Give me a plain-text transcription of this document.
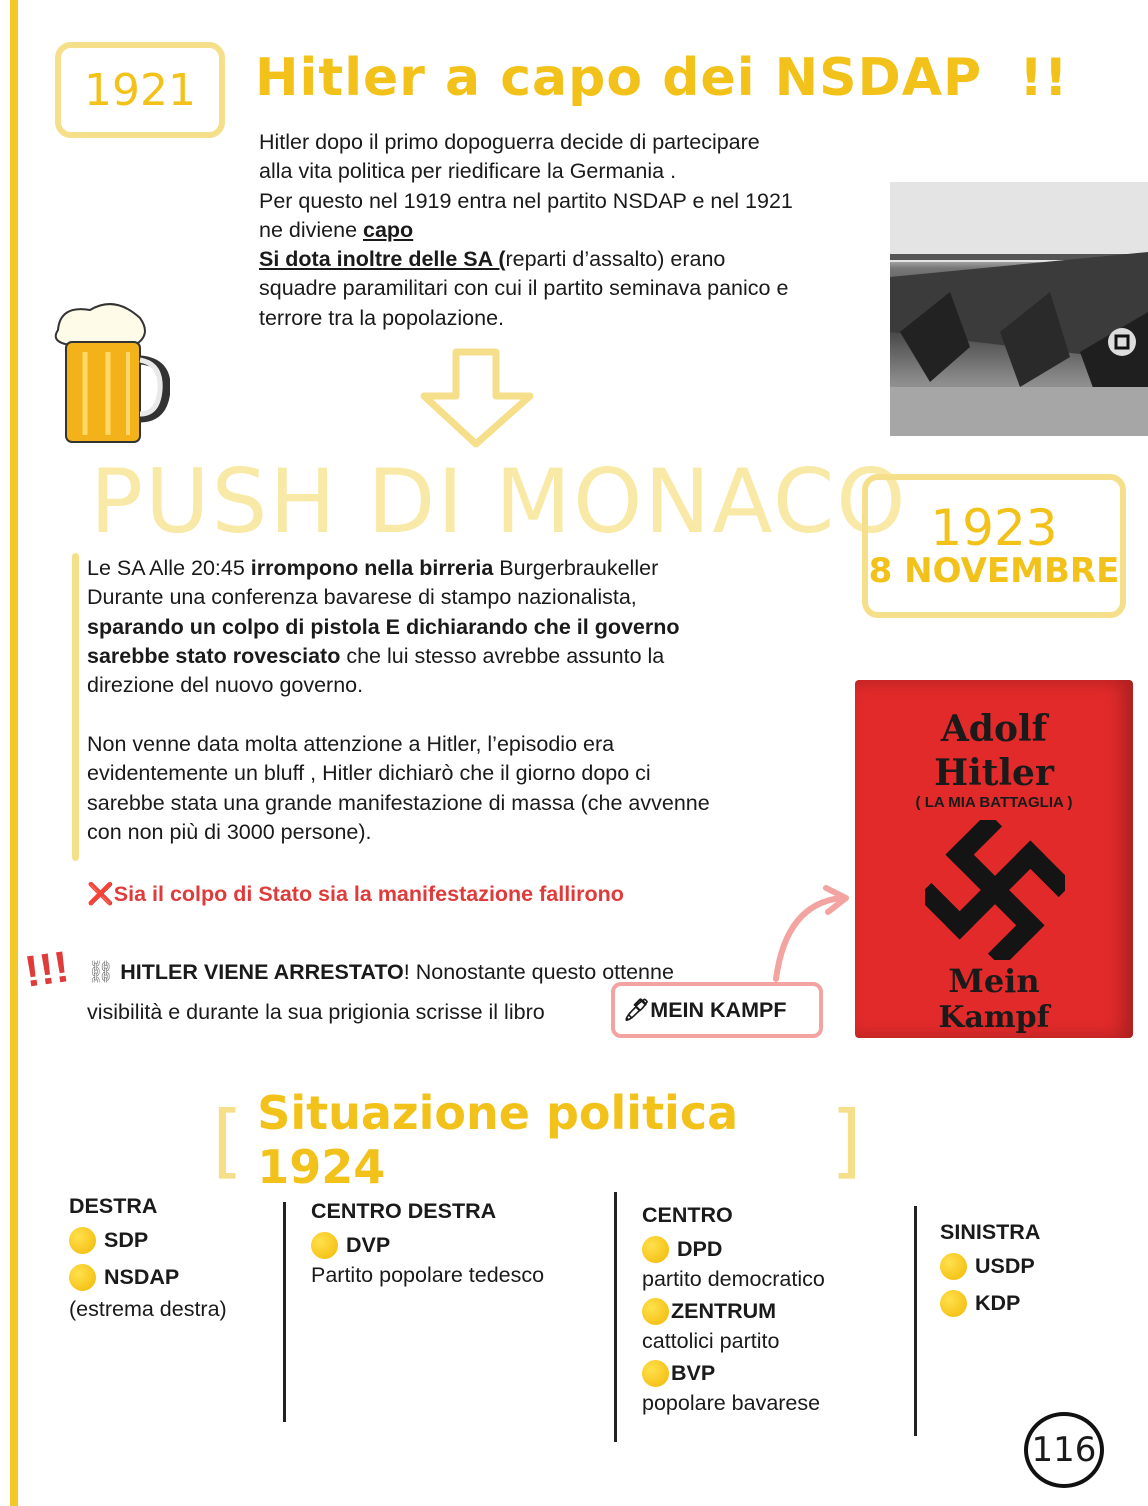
1921 Hitler a capo dei NSDAP !!

Hitler dopo il primo dopoguerra decide di partecipare

alla vita politica per riedificare la Germania .

Per questo nel 1919 entra nel partito NSDAP e nel 1921

ne diviene capo

Si dota inoltre delle SA (reparti d’assalto) erano

squadre paramilitari con cui il partito seminava panico e

terrore tra la popolazione.

PUSH DI MONACO 1923
8 NOVEMBRE

Le SA Alle 20:45 irrompono nella birreria Burgerbraukeller

Durante una conferenza bavarese di stampo nazionalista,

sparando un colpo di pistola E dichiarando che il governo

sarebbe stato rovesciato che lui stesso avrebbe assunto la

direzione del nuovo governo.

Non venne data molta attenzione a Hitler, l’episodio era

evidentemente un bluff , Hitler dichiarò che il giorno dopo ci

sarebbe stata una grande manifestazione di massa (che avvenne

con non più di 3000 persone).

❌Sia il colpo di Stato sia la manifestazione fallirono
!!! ⛓ HITLER VIENE ARRESTATO! Nonostante questo ottenne

visibilità e durante la sua prigionia scrisse il libro	🖊 MEIN KAMPF
Adolf
Hitler
( LA MIA BATTAGLIA )
Mein
Kampf
[ Situazione politica 1924	]
DESTRA
SDP
NSDAP
(estrema destra)
CENTRO DESTRA
DVP
Partito popolare tedesco
CENTRO
DPD
partito democratico
ZENTRUM
cattolici partito
BVP
popolare bavarese
SINISTRA
USDP
KDP
116
